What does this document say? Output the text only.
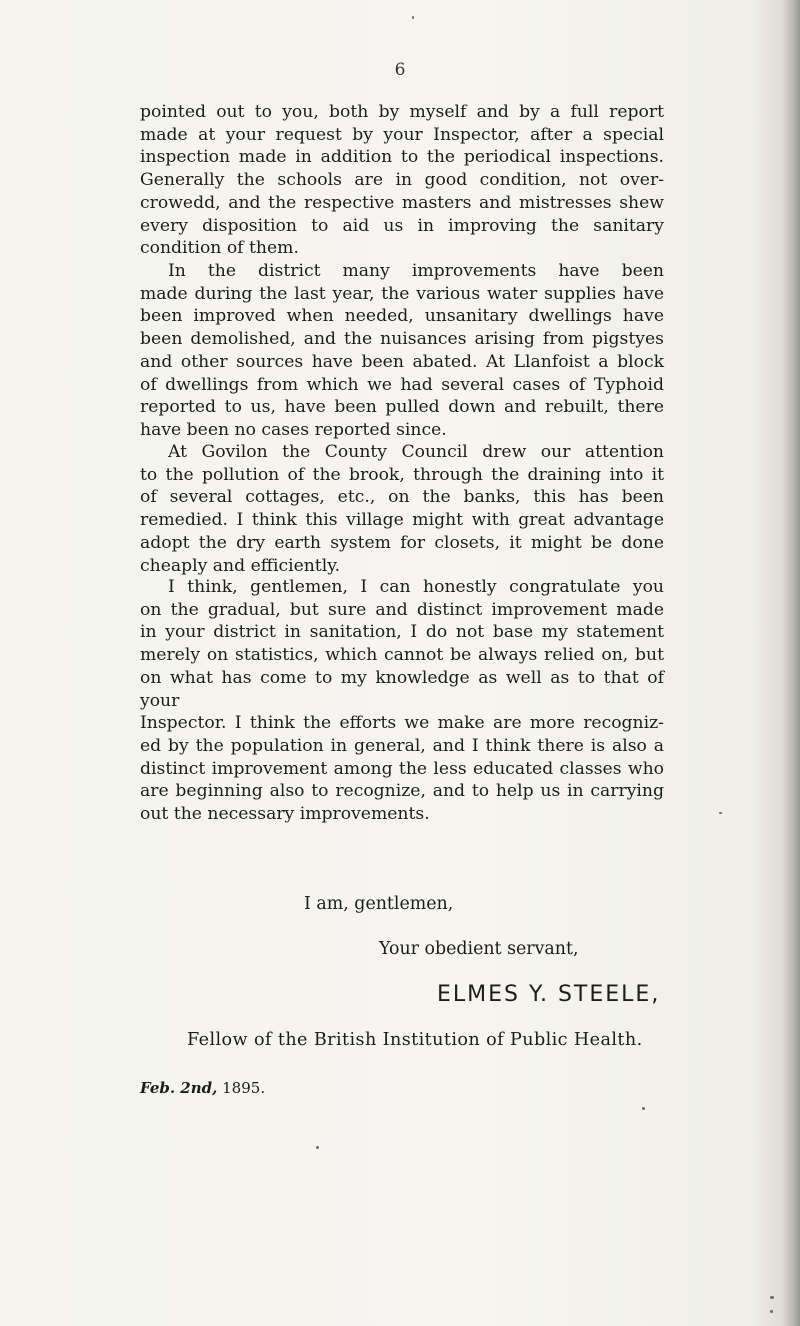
6
pointed out to you, both by myself and by a full report
made at your request by your Inspector, after a special
inspection made in addition to the periodical inspections.
Generally the schools are in good condition, not over-
crowedd, and the respective masters and mistresses shew
every disposition to aid us in improving the sanitary
condition of them.
In the district many improvements have been
made during the last year, the various water supplies have
been improved when needed, unsanitary dwellings have
been demolished, and the nuisances arising from pigstyes
and other sources have been abated. At Llanfoist a block
of dwellings from which we had several cases of Typhoid
reported to us, have been pulled down and rebuilt, there
have been no cases reported since.
At Govilon the County Council drew our attention
to the pollution of the brook, through the draining into it
of several cottages, etc., on the banks, this has been
remedied. I think this village might with great advantage
adopt the dry earth system for closets, it might be done
cheaply and efficiently.
I think, gentlemen, I can honestly congratulate you
on the gradual, but sure and distinct improvement made
in your district in sanitation, I do not base my statement
merely on statistics, which cannot be always relied on, but
on what has come to my knowledge as well as to that of your
Inspector. I think the efforts we make are more recogniz-
ed by the population in general, and I think there is also a
distinct improvement among the less educated classes who
are beginning also to recognize, and to help us in carrying
out the necessary improvements.
I am, gentlemen,
Your obedient servant,
ELMES Y. STEELE,
Fellow of the British Institution of Public Health.
Feb. 2nd, 1895.
